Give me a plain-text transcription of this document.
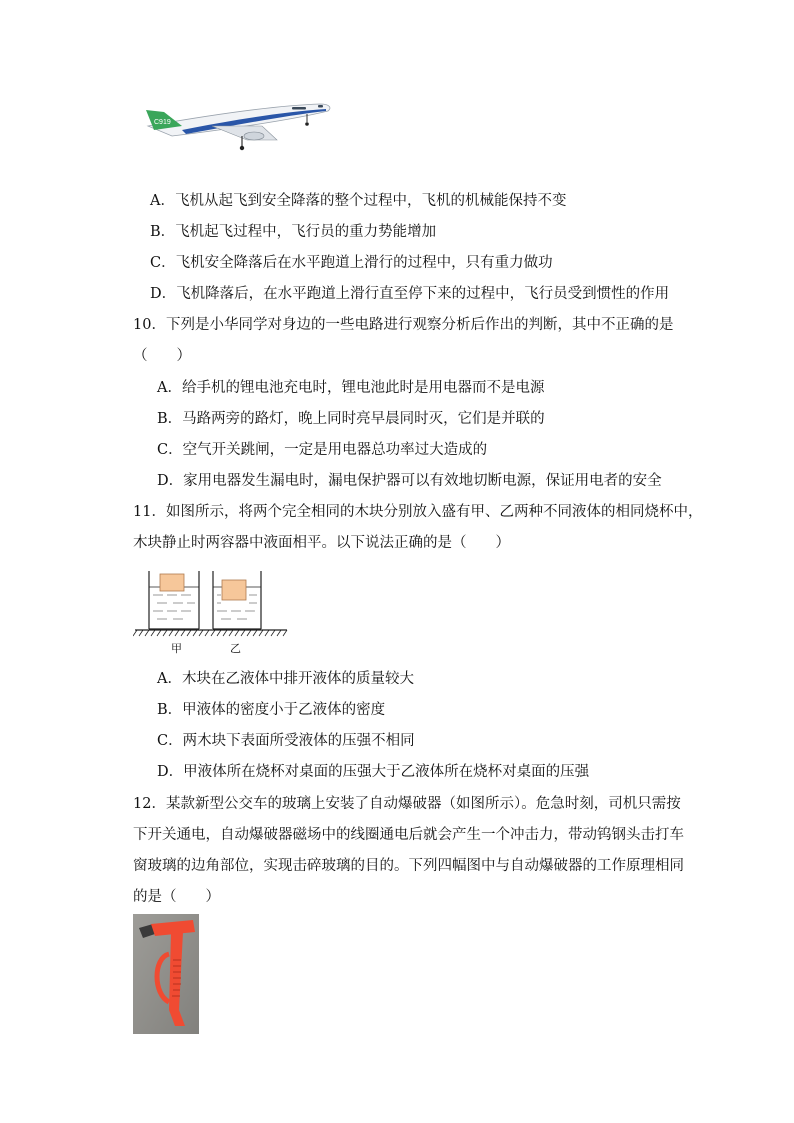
C919
A．飞机从起飞到安全降落的整个过程中，飞机的机械能保持不变
B．飞机起飞过程中，飞行员的重力势能增加
C．飞机安全降落后在水平跑道上滑行的过程中，只有重力做功
D．飞机降落后，在水平跑道上滑行直至停下来的过程中，飞行员受到惯性的作用
10．下列是小华同学对身边的一些电路进行观察分析后作出的判断，其中不正确的是
（　　）
A．给手机的锂电池充电时，锂电池此时是用电器而不是电源
B．马路两旁的路灯，晚上同时亮早晨同时灭，它们是并联的
C．空气开关跳闸，一定是用电器总功率过大造成的
D．家用电器发生漏电时，漏电保护器可以有效地切断电源，保证用电者的安全
11．如图所示，将两个完全相同的木块分别放入盛有甲、乙两种不同液体的相同烧杯中，
木块静止时两容器中液面相平。以下说法正确的是（　　）
甲	乙
A．木块在乙液体中排开液体的质量较大
B．甲液体的密度小于乙液体的密度
C．两木块下表面所受液体的压强不相同
D．甲液体所在烧杯对桌面的压强大于乙液体所在烧杯对桌面的压强
12．某款新型公交车的玻璃上安装了自动爆破器（如图所示）。危急时刻，司机只需按
下开关通电，自动爆破器磁场中的线圈通电后就会产生一个冲击力，带动钨钢头击打车
窗玻璃的边角部位，实现击碎玻璃的目的。下列四幅图中与自动爆破器的工作原理相同
的是（　　）
